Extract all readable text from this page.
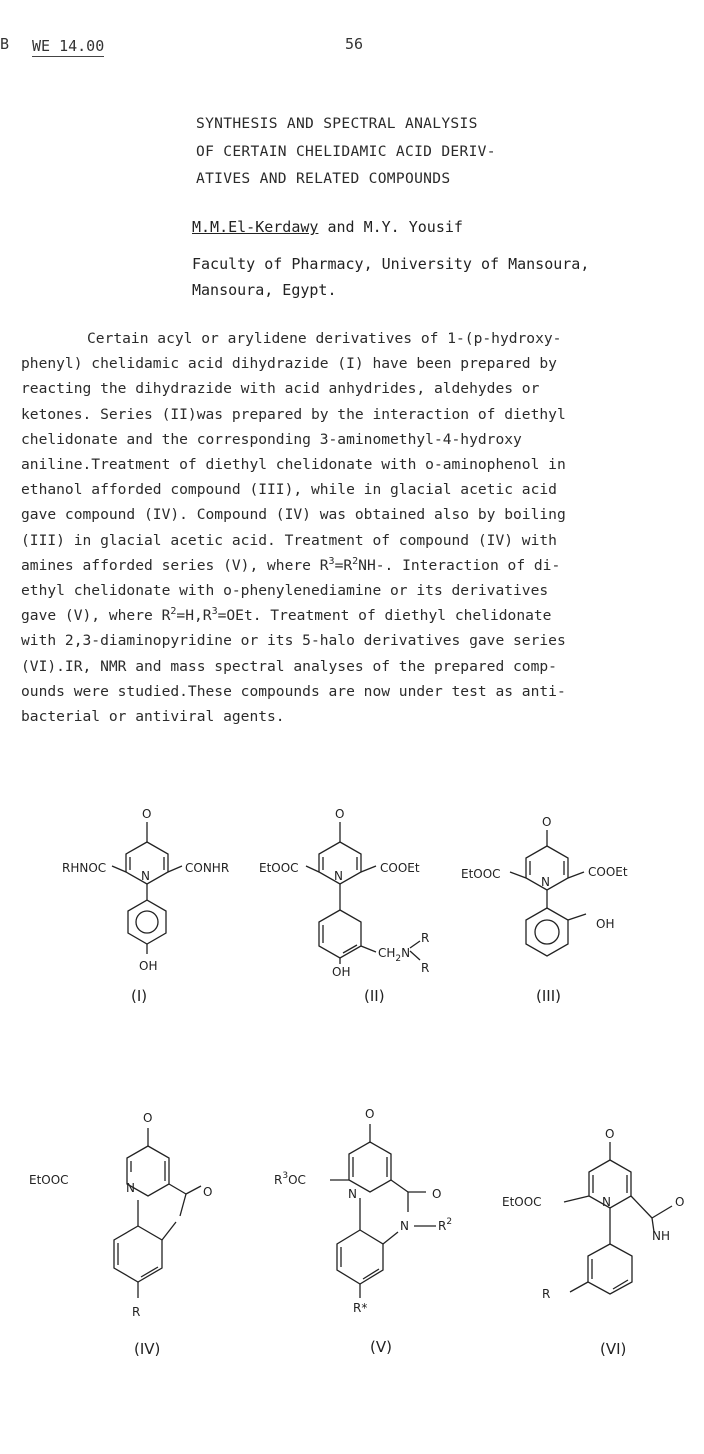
B WE 14.00	56
SYNTHESIS AND SPECTRAL ANALYSIS
OF CERTAIN CHELIDAMIC ACID DERIV-
ATIVES AND RELATED COMPOUNDS
M.M.El-Kerdawy and M.Y. Yousif
Faculty of Pharmacy, University of Mansoura,
Mansoura, Egypt.
Certain acyl or arylidene derivatives of 1-(p-hydroxy-
phenyl) chelidamic acid dihydrazide (I) have been prepared by
reacting the dihydrazide with acid anhydrides, aldehydes or
ketones. Series (II)was prepared by the interaction of diethyl
chelidonate and the corresponding 3-aminomethyl-4-hydroxy
aniline.Treatment of diethyl chelidonate with o-aminophenol in
ethanol afforded compound (III), while in glacial acetic acid
gave compound (IV). Compound (IV) was obtained also by boiling
(III) in glacial acetic acid. Treatment of compound (IV) with
amines afforded series (V), where $R^3=R^2NH-$. Interaction of di-
ethyl chelidonate with o-phenylenediamine or its derivatives
gave (V), where $R^2=H,R^3=OEt$. Treatment of diethyl chelidonate
with 2,3-diaminopyridine or its 5-halo derivatives gave series
(VI).IR, NMR and mass spectral analyses of the prepared comp-
ounds were studied.These compounds are now under test as anti-
bacterial or antiviral agents.
O
N
RHNOC	CONHR
OH
(I)
O
N
EtOOC	COOEt
OH
$CH_2N$
R
R
(II)
O
N
EtOOC	COOEt
OH
(III)
O
N
EtOOC
O
R
(IV)
O
N
$R^3OC$
O
N $R^2$
R*
(V)
O
N
EtOOC	O
NH
R
(VI)
